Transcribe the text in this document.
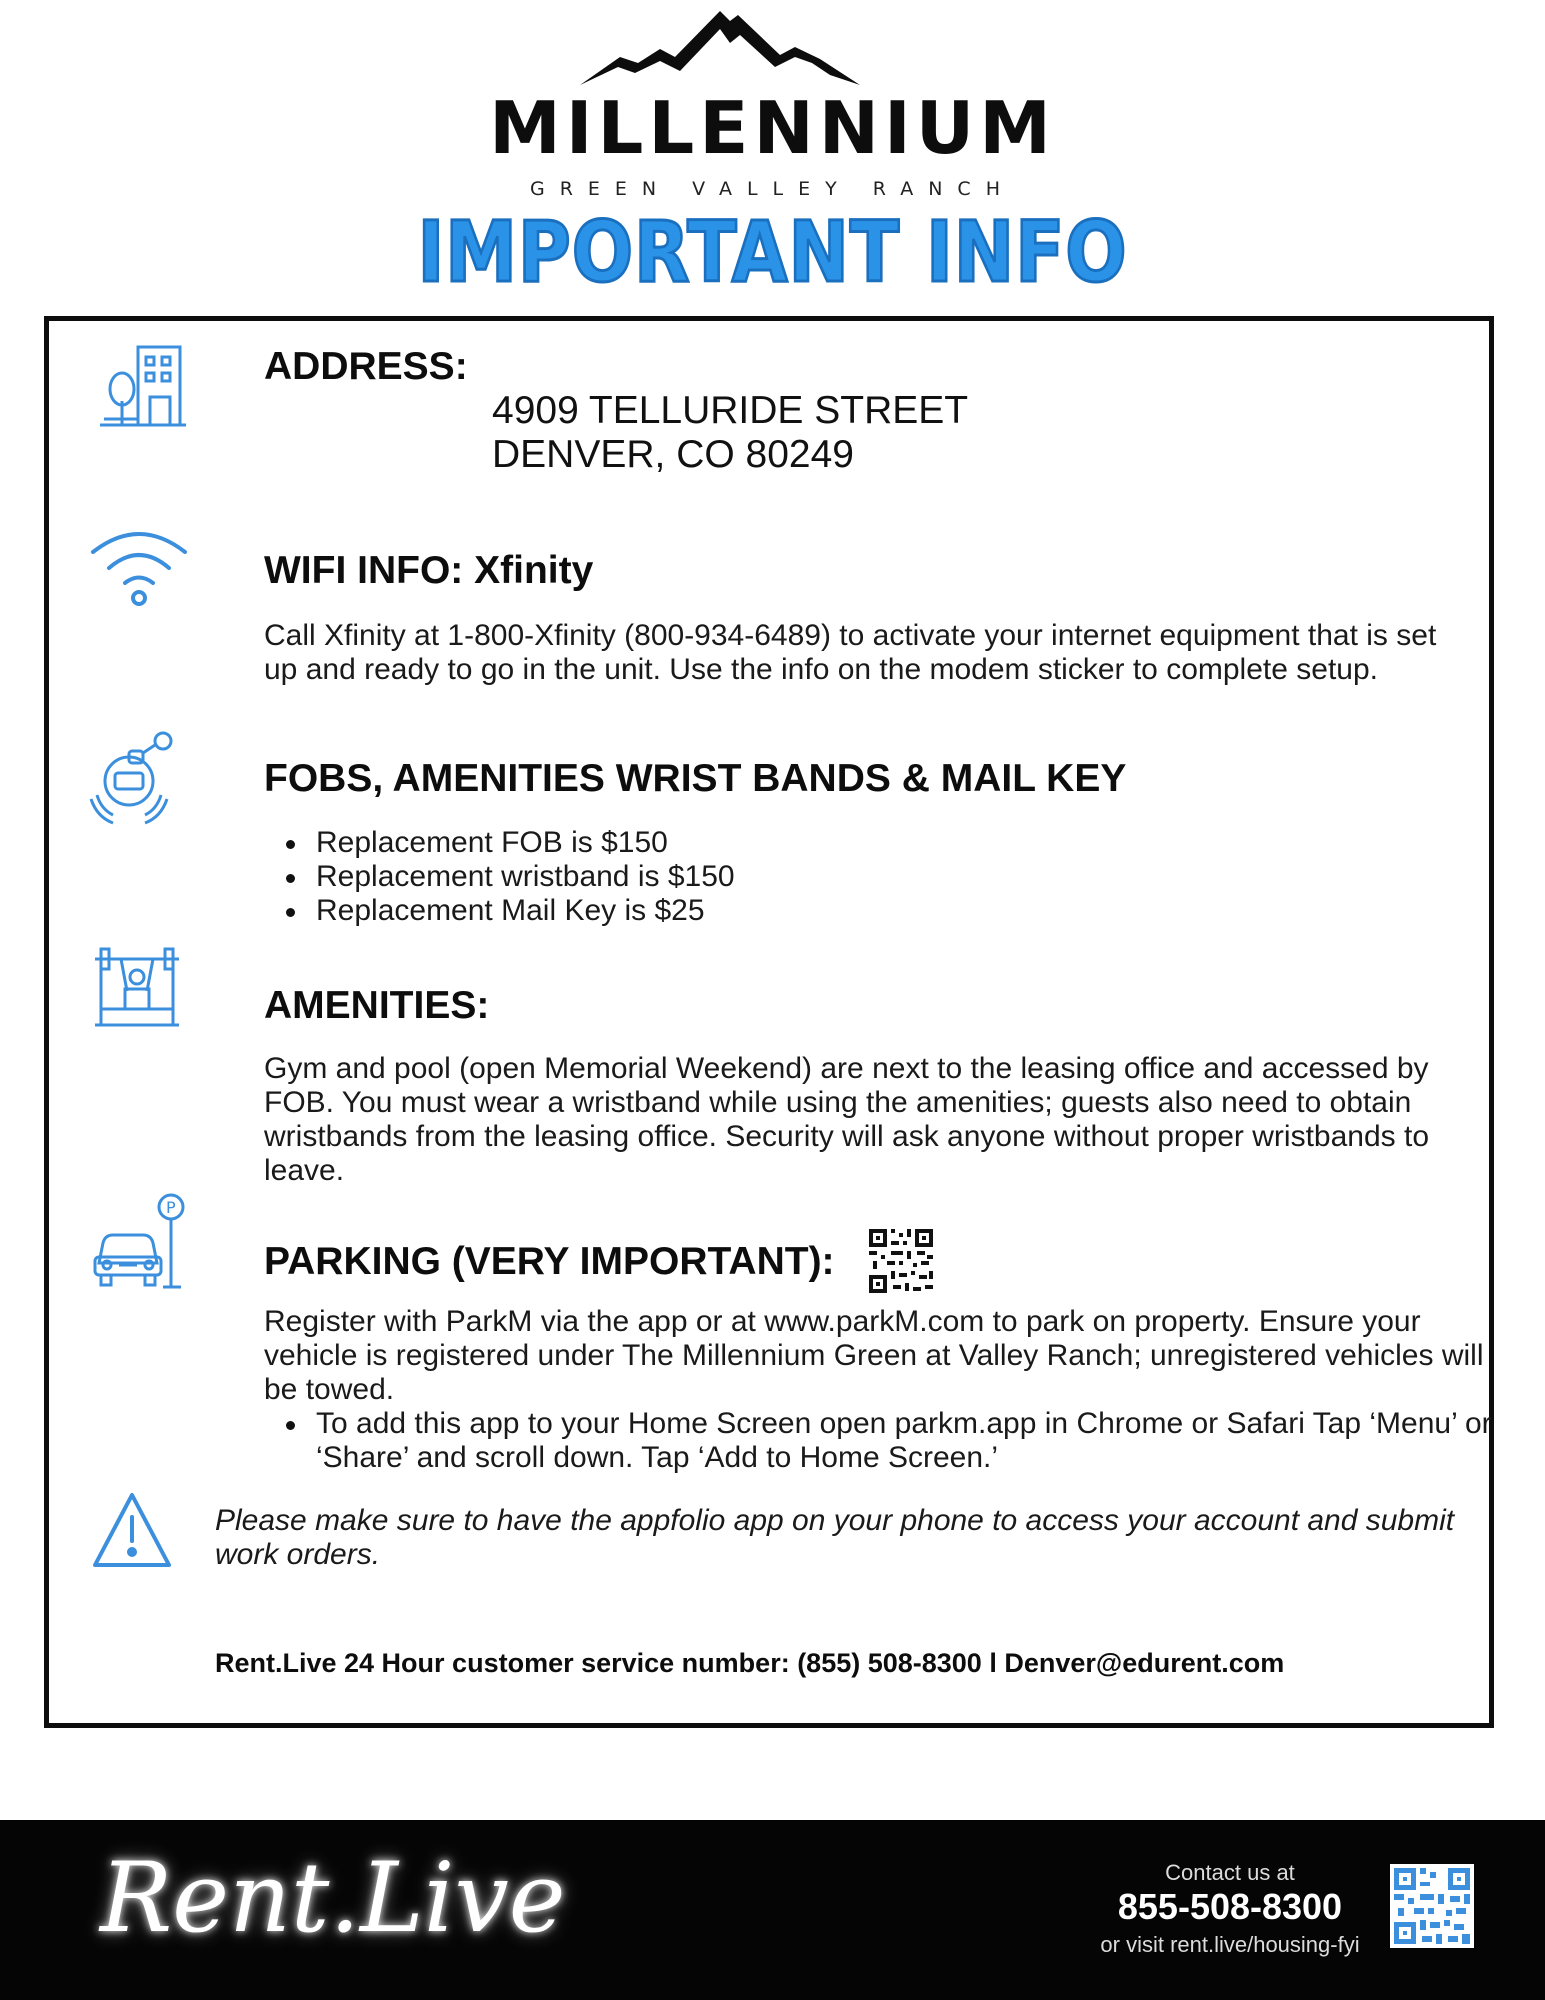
MILLENNIUM
GREEN VALLEY RANCH
IMPORTANT INFO
ADDRESS:
4909 TELLURIDE STREET
DENVER, CO 80249
WIFI INFO: Xfinity
Call Xfinity at 1-800-Xfinity (800-934-6489) to activate your internet equipment that is set up and ready to go in the unit. Use the info on the modem sticker to complete setup.
FOBS, AMENITIES WRIST BANDS & MAIL KEY
Replacement FOB is $150
Replacement wristband is $150
Replacement Mail Key is $25
AMENITIES:
Gym and pool (open Memorial Weekend) are next to the leasing office and accessed by FOB. You must wear a wristband while using the amenities; guests also need to obtain wristbands from the leasing office. Security will ask anyone without proper wristbands to leave.
P
PARKING (VERY IMPORTANT):
Register with ParkM via the app or at www.parkM.com to park on property. Ensure your vehicle is registered under The Millennium Green at Valley Ranch; unregistered vehicles will be towed.
To add this app to your Home Screen open parkm.app in Chrome or Safari Tap ‘Menu’ or ‘Share’ and scroll down. Tap ‘Add to Home Screen.’
Please make sure to have the appfolio app on your phone to access your account and submit work orders.
Rent.Live 24 Hour customer service number: (855) 508-8300 l Denver@edurent.com
Rent.Live	Contact us at
855-508-8300
or visit rent.live/housing-fyi
